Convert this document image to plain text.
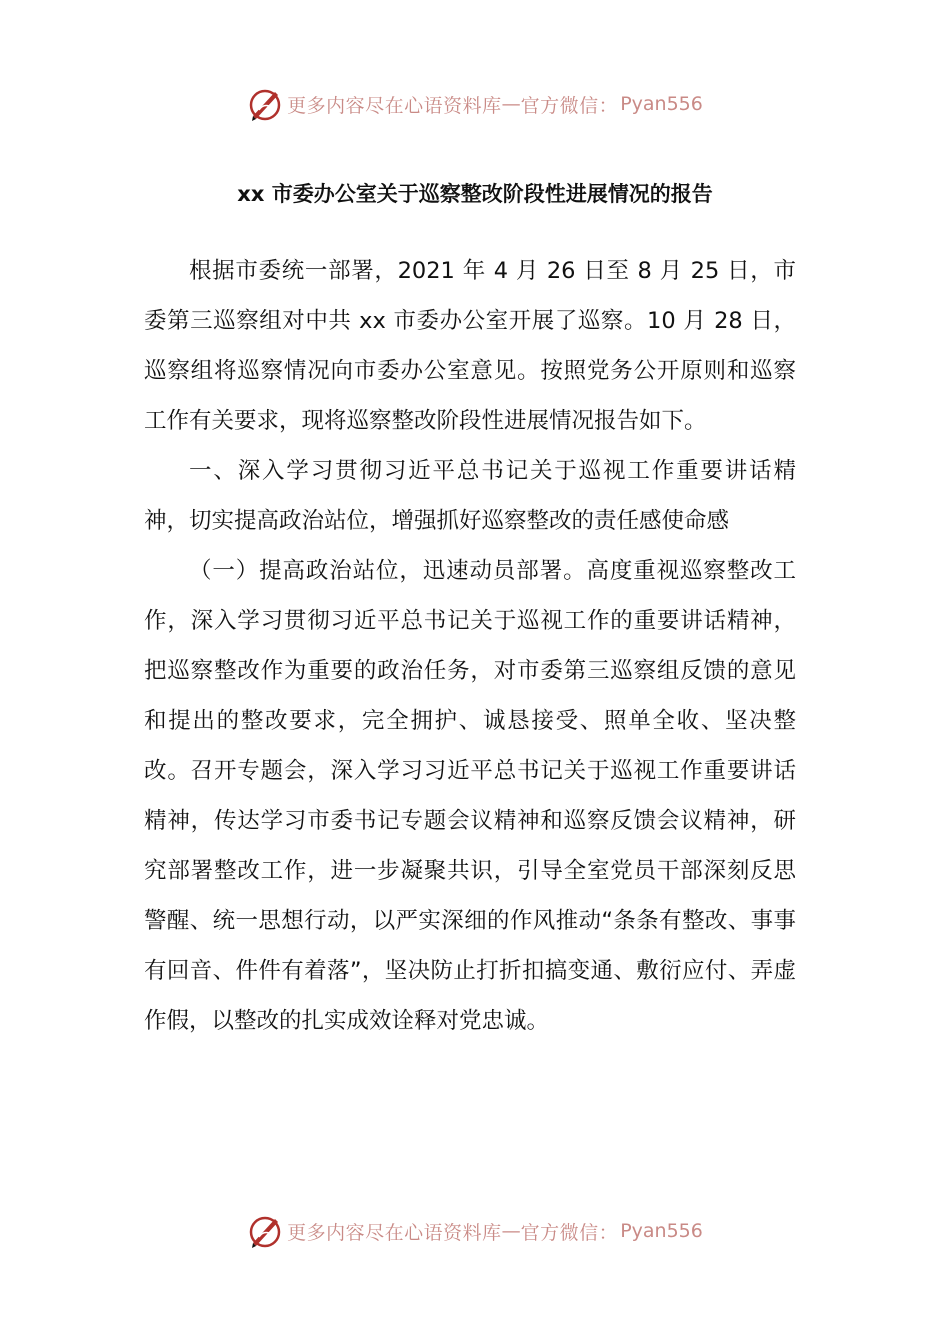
更多内容尽在心语资料库 — 官方微信： Pyan556
xx 市委办公室关于巡察整改阶段性进展情况的报告

根据市委统一部署，2021 年 4 月 26 日至 8 月 25 日，市委第三巡察组对中共 xx 市委办公室开展了巡察。10 月 28 日，巡察组将巡察情况向市委办公室意见。按照党务公开原则和巡察工作有关要求，现将巡察整改阶段性进展情况报告如下。

一、深入学习贯彻习近平总书记关于巡视工作重要讲话精神，切实提高政治站位，增强抓好巡察整改的责任感使命感

（一）提高政治站位，迅速动员部署。高度重视巡察整改工作，深入学习贯彻习近平总书记关于巡视工作的重要讲话精神，把巡察整改作为重要的政治任务，对市委第三巡察组反馈的意见和提出的整改要求，完全拥护、诚恳接受、照单全收、坚决整改。召开专题会，深入学习习近平总书记关于巡视工作重要讲话精神，传达学习市委书记专题会议精神和巡察反馈会议精神，研究部署整改工作，进一步凝聚共识，引导全室党员干部深刻反思警醒、统一思想行动，以严实深细的作风推动“条条有整改、事事有回音、件件有着落”，坚决防止打折扣搞变通、敷衍应付、弄虚作假，以整改的扎实成效诠释对党忠诚。

更多内容尽在心语资料库 — 官方微信： Pyan556
